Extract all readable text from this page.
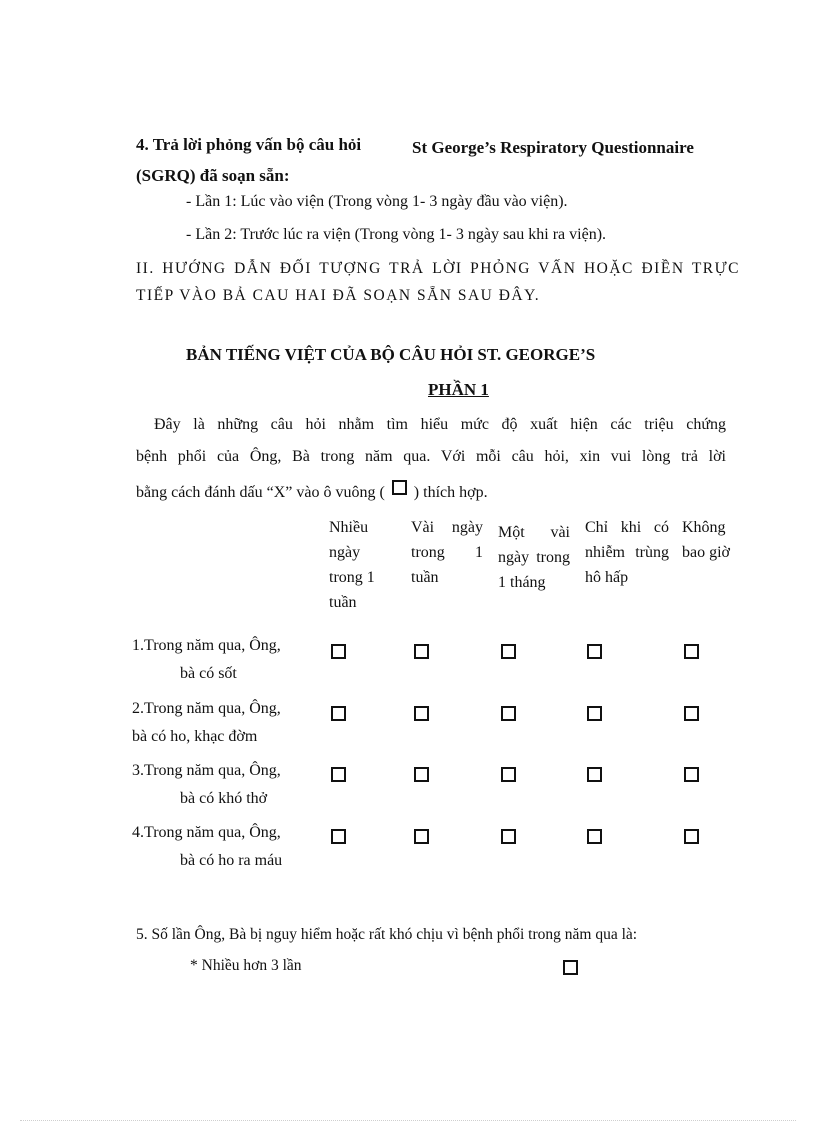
4. Trả lời phỏng vấn bộ câu hỏi	St George’s Respiratory Questionnaire
(SGRQ) đã soạn sẵn:
- Lần 1: Lúc vào viện (Trong vòng 1- 3 ngày đầu vào viện).
- Lần 2: Trước lúc ra viện (Trong vòng 1- 3 ngày sau khi ra viện).
II. HƯỚNG DẪN ĐỐI TƯỢNG TRẢ LỜI PHỎNG VẤN HOẶC ĐIỀN TRỰC
TIẾP VÀO BẢ CAU HAI ĐÃ SOẠN SẴN SAU ĐÂY.
BẢN TIẾNG VIỆT CỦA BỘ CÂU HỎI ST. GEORGE’S
PHẦN 1
Đây là những câu hỏi nhằm tìm hiểu mức độ xuất hiện các triệu chứng
bệnh phổi của Ông, Bà trong năm qua. Với mỗi câu hỏi, xin vui lòng trả lời
bằng cách đánh dấu “X” vào ô vuông ( ) thích hợp.
Nhiều ngày trong 1 tuần
Vài ngày trong 1 tuần
Một vài ngày trong 1 tháng
Chỉ khi có nhiễm trùng hô hấp
Không bao giờ
1.Trong năm qua, Ông,
bà có sốt
2.Trong năm qua, Ông,
bà có ho, khạc đờm
3.Trong năm qua, Ông,
bà có khó thở
4.Trong năm qua, Ông,
bà có ho ra máu
5. Số lần Ông, Bà bị nguy hiểm hoặc rất khó chịu vì bệnh phổi trong năm qua là:
* Nhiều hơn 3 lần
